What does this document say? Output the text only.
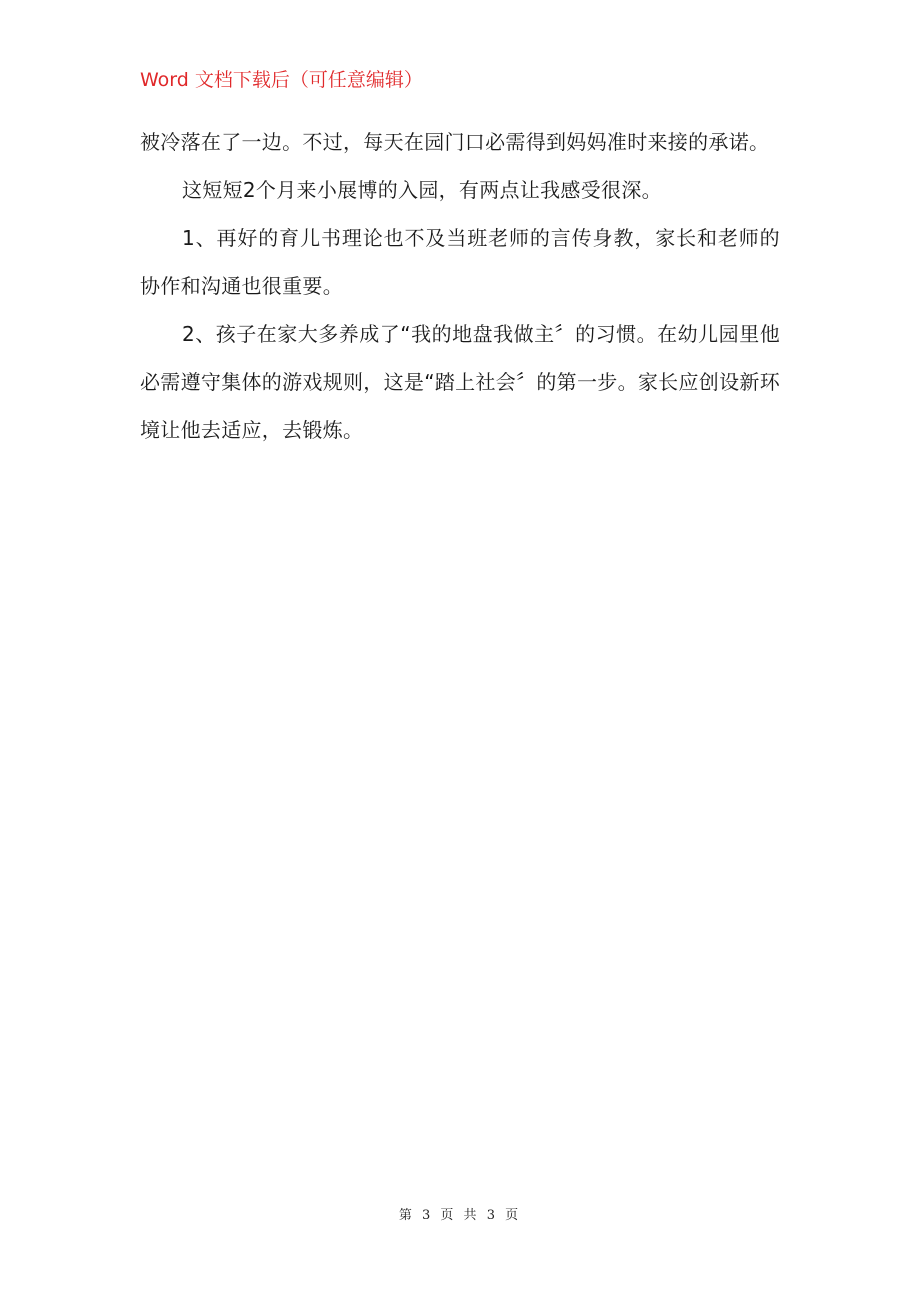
Word 文档下载后（可任意编辑）

被冷落在了一边。不过，每天在园门口必需得到妈妈准时来接的承诺。

这短短2个月来小展博的入园，有两点让我感受很深。

1、再好的育儿书理论也不及当班老师的言传身教，家长和老师的协作和沟通也很重要。

2、孩子在家大多养成了“我的地盘我做主〞的习惯。在幼儿园里他必需遵守集体的游戏规则，这是“踏上社会〞的第一步。家长应创设新环境让他去适应，去锻炼。

第 3 页 共 3 页
